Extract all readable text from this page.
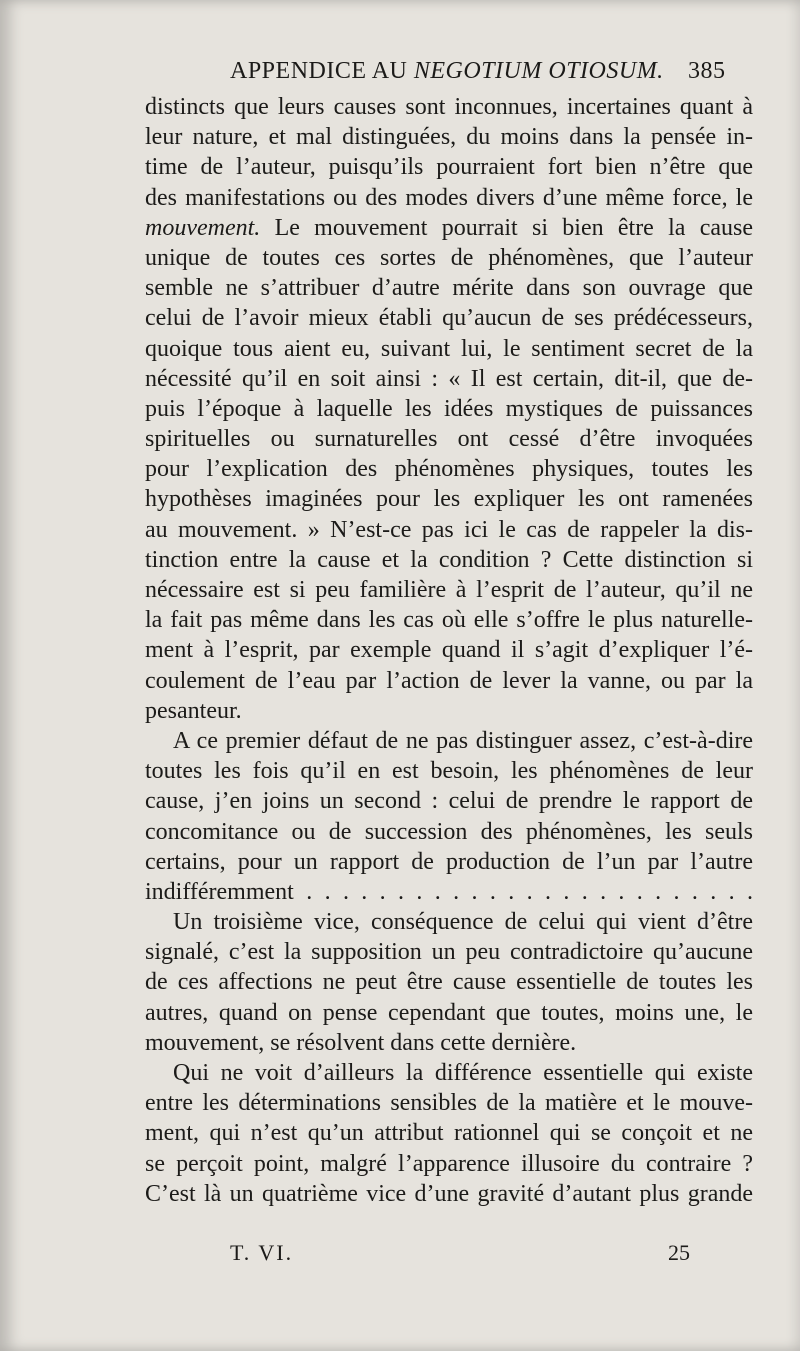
APPENDICE AU NEGOTIUM OTIOSUM. 385
distincts que leurs causes sont inconnues, incertaines quant à
leur nature, et mal distinguées, du moins dans la pensée in-
time de l’auteur, puisqu’ils pourraient fort bien n’être que
des manifestations ou des modes divers d’une même force, le
mouvement. Le mouvement pourrait si bien être la cause
unique de toutes ces sortes de phénomènes, que l’auteur
semble ne s’attribuer d’autre mérite dans son ouvrage que
celui de l’avoir mieux établi qu’aucun de ses prédécesseurs,
quoique tous aient eu, suivant lui, le sentiment secret de la
nécessité qu’il en soit ainsi : « Il est certain, dit-il, que de-
puis l’époque à laquelle les idées mystiques de puissances
spirituelles ou surnaturelles ont cessé d’être invoquées
pour l’explication des phénomènes physiques, toutes les
hypothèses imaginées pour les expliquer les ont ramenées
au mouvement. » N’est-ce pas ici le cas de rappeler la dis-
tinction entre la cause et la condition ? Cette distinction si
nécessaire est si peu familière à l’esprit de l’auteur, qu’il ne
la fait pas même dans les cas où elle s’offre le plus naturelle-
ment à l’esprit, par exemple quand il s’agit d’expliquer l’é-
coulement de l’eau par l’action de lever la vanne, ou par la
pesanteur.
A ce premier défaut de ne pas distinguer assez, c’est-à-dire
toutes les fois qu’il en est besoin, les phénomènes de leur
cause, j’en joins un second : celui de prendre le rapport de
concomitance ou de succession des phénomènes, les seuls
certains, pour un rapport de production de l’un par l’autre
indifféremment . . . . . . . . . . . . . . . . . . . . . . . . .
Un troisième vice, conséquence de celui qui vient d’être
signalé, c’est la supposition un peu contradictoire qu’aucune
de ces affections ne peut être cause essentielle de toutes les
autres, quand on pense cependant que toutes, moins une, le
mouvement, se résolvent dans cette dernière.
Qui ne voit d’ailleurs la différence essentielle qui existe
entre les déterminations sensibles de la matière et le mouve-
ment, qui n’est qu’un attribut rationnel qui se conçoit et ne
se perçoit point, malgré l’apparence illusoire du contraire ?
C’est là un quatrième vice d’une gravité d’autant plus grande
T. VI.	25
